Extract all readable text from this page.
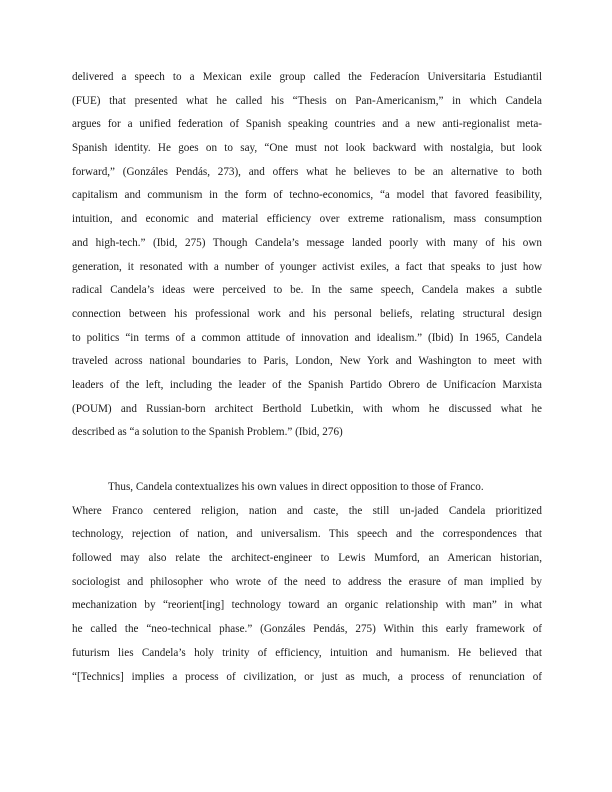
delivered a speech to a Mexican exile group called the Federacíon Universitaria Estudiantil
(FUE) that presented what he called his “Thesis on Pan-Americanism,” in which Candela
argues for a unified federation of Spanish speaking countries and a new anti-regionalist meta-
Spanish identity. He goes on to say, “One must not look backward with nostalgia, but look
forward,” (Gonzáles Pendás, 273), and offers what he believes to be an alternative to both
capitalism and communism in the form of techno-economics, “a model that favored feasibility,
intuition, and economic and material efficiency over extreme rationalism, mass consumption
and high-tech.” (Ibid, 275) Though Candela’s message landed poorly with many of his own
generation, it resonated with a number of younger activist exiles, a fact that speaks to just how
radical Candela’s ideas were perceived to be. In the same speech, Candela makes a subtle
connection between his professional work and his personal beliefs, relating structural design
to politics “in terms of a common attitude of innovation and idealism.” (Ibid) In 1965, Candela
traveled across national boundaries to Paris, London, New York and Washington to meet with
leaders of the left, including the leader of the Spanish Partido Obrero de Unificacíon Marxista
(POUM) and Russian-born architect Berthold Lubetkin, with whom he discussed what he
described as “a solution to the Spanish Problem.” (Ibid, 276)
Thus, Candela contextualizes his own values in direct opposition to those of Franco.
Where Franco centered religion, nation and caste, the still un-jaded Candela prioritized
technology, rejection of nation, and universalism. This speech and the correspondences that
followed may also relate the architect-engineer to Lewis Mumford, an American historian,
sociologist and philosopher who wrote of the need to address the erasure of man implied by
mechanization by “reorient[ing] technology toward an organic relationship with man” in what
he called the “neo-technical phase.” (Gonzáles Pendás, 275) Within this early framework of
futurism lies Candela’s holy trinity of efficiency, intuition and humanism. He believed that
“[Technics] implies a process of civilization, or just as much, a process of renunciation of
